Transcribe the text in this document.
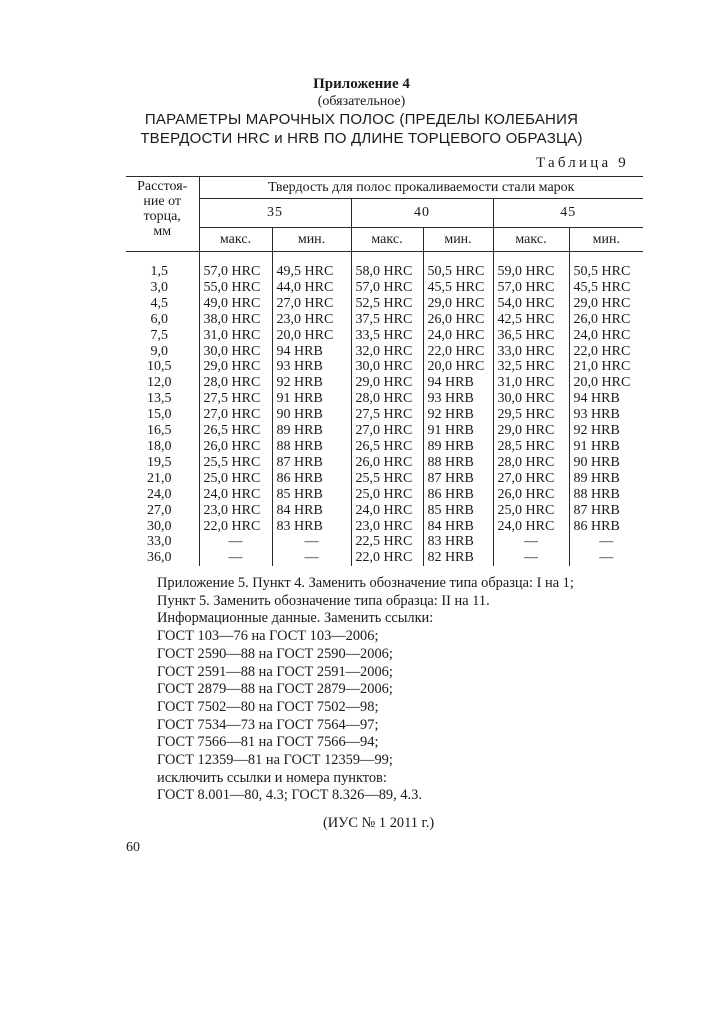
Приложение 4
(обязательное)
ПАРАМЕТРЫ МАРОЧНЫХ ПОЛОС (ПРЕДЕЛЫ КОЛЕБАНИЯ
ТВЕРДОСТИ HRC и HRB ПО ДЛИНЕ ТОРЦЕВОГО ОБРАЗЦА)
Таблица 9
Расстоя-
ние от
торца,
мм	Твердость для полос прокаливаемости стали марок					
	35		40		45	
	макс.	мин.	макс.	мин.	макс.	мин.
1,5	57,0 HRC	49,5 HRC	58,0 HRC	50,5 HRC	59,0 HRC	50,5 HRC
3,0	55,0 HRC	44,0 HRC	57,0 HRC	45,5 HRC	57,0 HRC	45,5 HRC
4,5	49,0 HRC	27,0 HRC	52,5 HRC	29,0 HRC	54,0 HRC	29,0 HRC
6,0	38,0 HRC	23,0 HRC	37,5 HRC	26,0 HRC	42,5 HRC	26,0 HRC
7,5	31,0 HRC	20,0 HRC	33,5 HRC	24,0 HRC	36,5 HRC	24,0 HRC
9,0	30,0 HRC	94 HRB	32,0 HRC	22,0 HRC	33,0 HRC	22,0 HRC
10,5	29,0 HRC	93 HRB	30,0 HRC	20,0 HRC	32,5 HRC	21,0 HRC
12,0	28,0 HRC	92 HRB	29,0 HRC	94 HRB	31,0 HRC	20,0 HRC
13,5	27,5 HRC	91 HRB	28,0 HRC	93 HRB	30,0 HRC	94 HRB
15,0	27,0 HRC	90 HRB	27,5 HRC	92 HRB	29,5 HRC	93 HRB
16,5	26,5 HRC	89 HRB	27,0 HRC	91 HRB	29,0 HRC	92 HRB
18,0	26,0 HRC	88 HRB	26,5 HRC	89 HRB	28,5 HRC	91 HRB
19,5	25,5 HRC	87 HRB	26,0 HRC	88 HRB	28,0 HRC	90 HRB
21,0	25,0 HRC	86 HRB	25,5 HRC	87 HRB	27,0 HRC	89 HRB
24,0	24,0 HRC	85 HRB	25,0 HRC	86 HRB	26,0 HRC	88 HRB
27,0	23,0 HRC	84 HRB	24,0 HRC	85 HRB	25,0 HRC	87 HRB
30,0	22,0 HRC	83 HRB	23,0 HRC	84 HRB	24,0 HRC	86 HRB
33,0	—	—	22,5 HRC	83 HRB	—	—
36,0	—	—	22,0 HRC	82 HRB	—	—
Приложение 5. Пункт 4. Заменить обозначение типа образца: I на 1;
Пункт 5. Заменить обозначение типа образца: II на 11.
Информационные данные. Заменить ссылки:
ГОСТ 103—76 на ГОСТ 103—2006;
ГОСТ 2590—88 на ГОСТ 2590—2006;
ГОСТ 2591—88 на ГОСТ 2591—2006;
ГОСТ 2879—88 на ГОСТ 2879—2006;
ГОСТ 7502—80 на ГОСТ 7502—98;
ГОСТ 7534—73 на ГОСТ 7564—97;
ГОСТ 7566—81 на ГОСТ 7566—94;
ГОСТ 12359—81 на ГОСТ 12359—99;
исключить ссылки и номера пунктов:
ГОСТ 8.001—80, 4.3; ГОСТ 8.326—89, 4.3.
(ИУС № 1 2011 г.)
60
